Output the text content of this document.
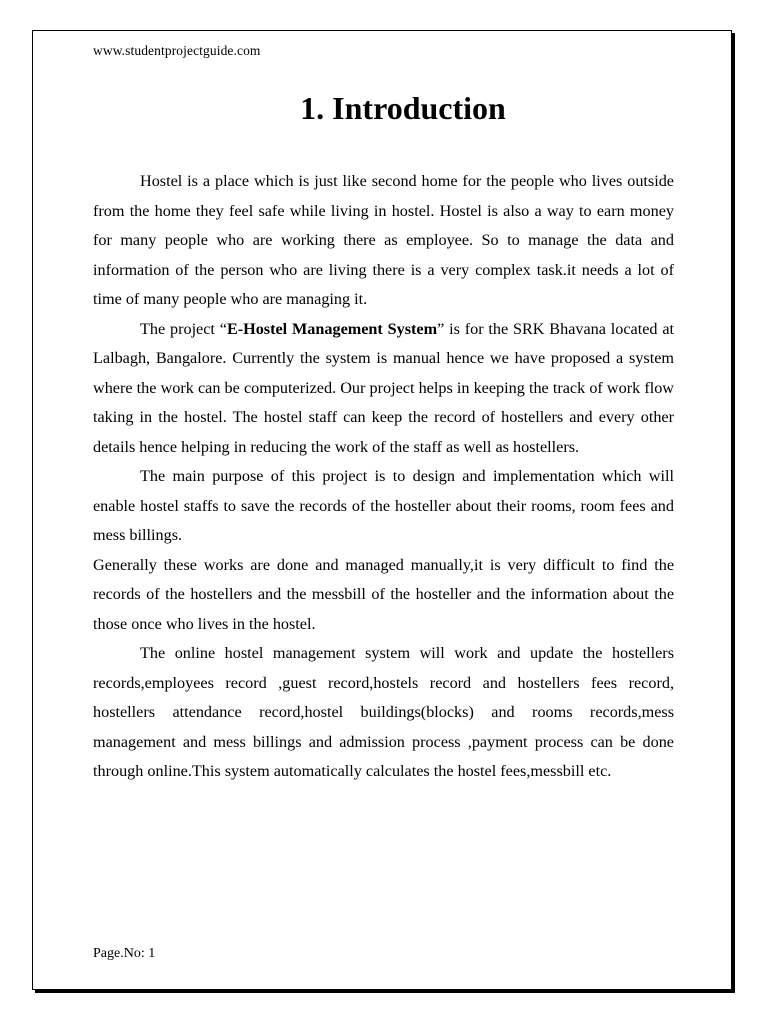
www.studentprojectguide.com
1. Introduction

Hostel is a place which is just like second home for the people who lives outside from the home they feel safe while living in hostel. Hostel is also a way to earn money for many people who are working there as employee. So to manage the data and information of the person who are living there is a very complex task.it needs a lot of time of many people who are managing it.

The project “E-Hostel Management System” is for the SRK Bhavana located at Lalbagh, Bangalore. Currently the system is manual hence we have proposed a system where the work can be computerized. Our project helps in keeping the track of work flow taking in the hostel. The hostel staff can keep the record of hostellers and every other details hence helping in reducing the work of the staff as well as hostellers.

The main purpose of this project is to design and implementation which will enable hostel staffs to save the records of the hosteller about their rooms, room fees and mess billings.

Generally these works are done and managed manually,it is very difficult to find the records of the hostellers and the messbill of the hosteller and the information about the those once who lives in the hostel.

The online hostel management system will work and update the hostellers records,employees record ,guest record,hostels record and hostellers fees record, hostellers attendance record,hostel buildings(blocks) and rooms records,mess management and mess billings and admission process ,payment process can be done through online.This system automatically calculates the hostel fees,messbill etc.

Page.No: 1
